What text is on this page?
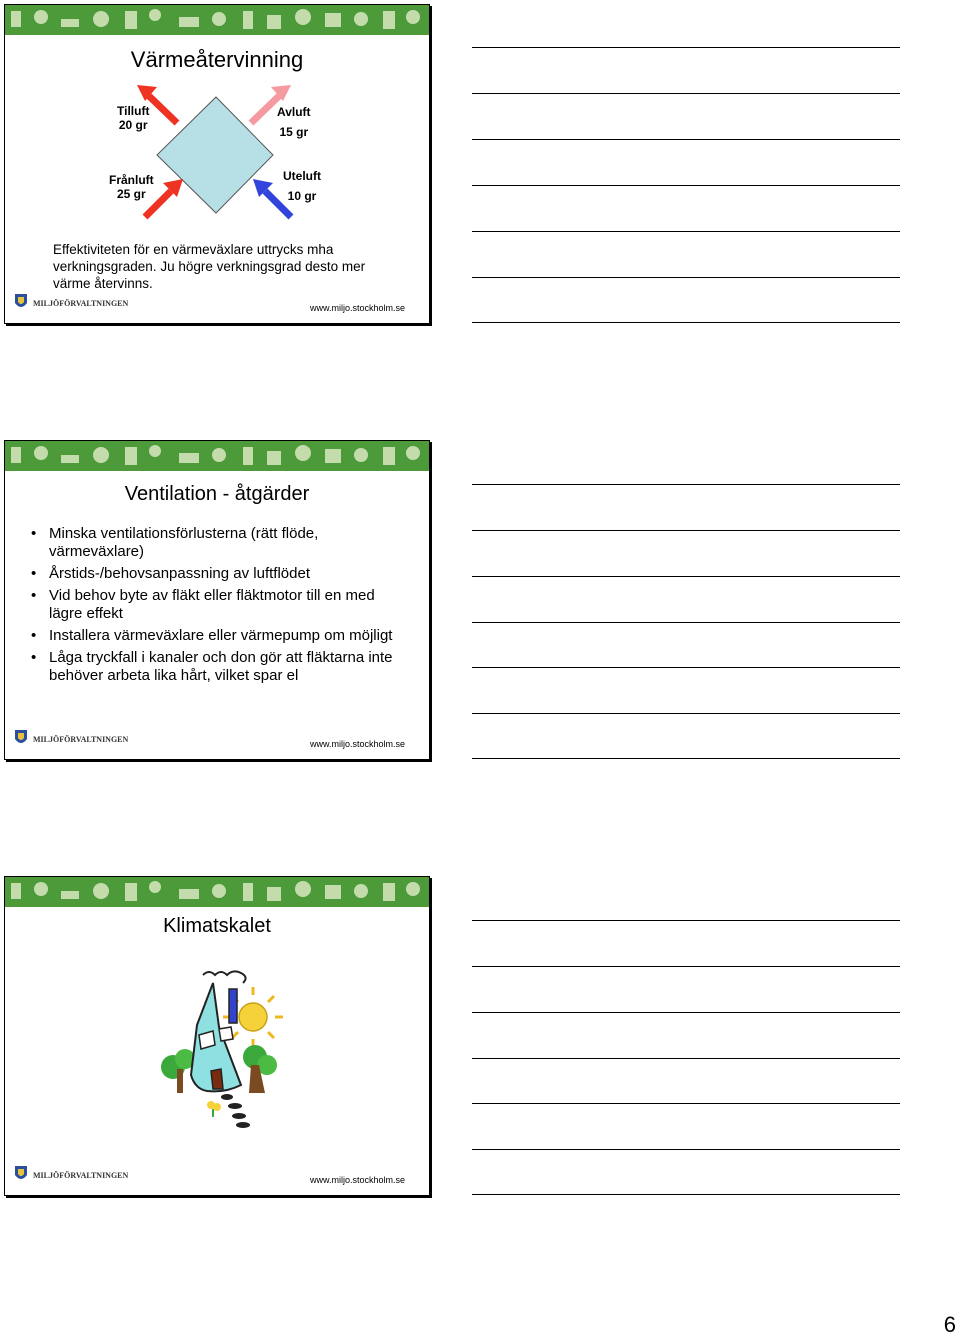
Värmeåtervinning
Tilluft
20 gr
Avluft
15 gr
Frånluft
25 gr
Uteluft
10 gr
Effektiviteten för en värmeväxlare uttrycks mha verkningsgraden. Ju högre verkningsgrad desto mer värme återvinns.
MILJÖFÖRVALTNINGEN	www.miljo.stockholm.se
Ventilation - åtgärder
• Minska ventilationsförlusterna (rätt flöde, värmeväxlare)
• Årstids-/behovsanpassning av luftflödet
• Vid behov byte av fläkt eller fläktmotor till en med lägre effekt
• Installera värmeväxlare eller värmepump om möjligt
• Låga tryckfall i kanaler och don gör att fläktarna inte behöver arbeta lika hårt, vilket spar el
MILJÖFÖRVALTNINGEN	www.miljo.stockholm.se
Klimatskalet
MILJÖFÖRVALTNINGEN	www.miljo.stockholm.se
6
